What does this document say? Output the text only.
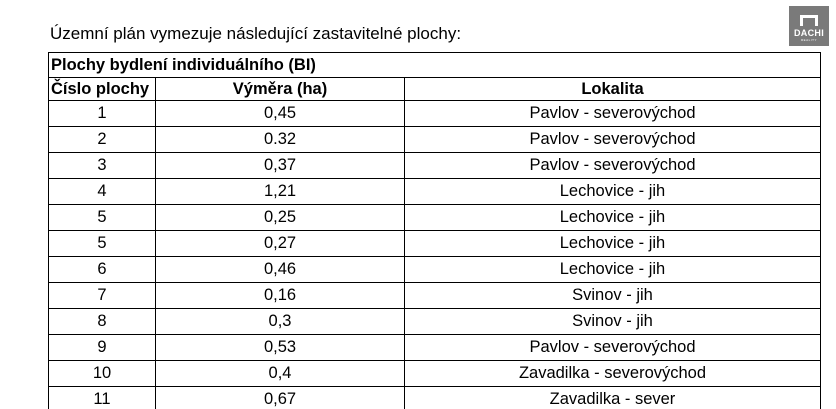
Územní plán vymezuje následující zastavitelné plochy:	DACHI
REALITY
Plochy bydlení individuálního (BI)		
Číslo plochy	Výměra (ha)	Lokalita
1	0,45	Pavlov - severovýchod
2	0.32	Pavlov - severovýchod
3	0,37	Pavlov - severovýchod
4	1,21	Lechovice - jih
5	0,25	Lechovice - jih
5	0,27	Lechovice - jih
6	0,46	Lechovice - jih
7	0,16	Svinov - jih
8	0,3	Svinov - jih
9	0,53	Pavlov - severovýchod
10	0,4	Zavadilka - severovýchod
11	0,67	Zavadilka - sever
